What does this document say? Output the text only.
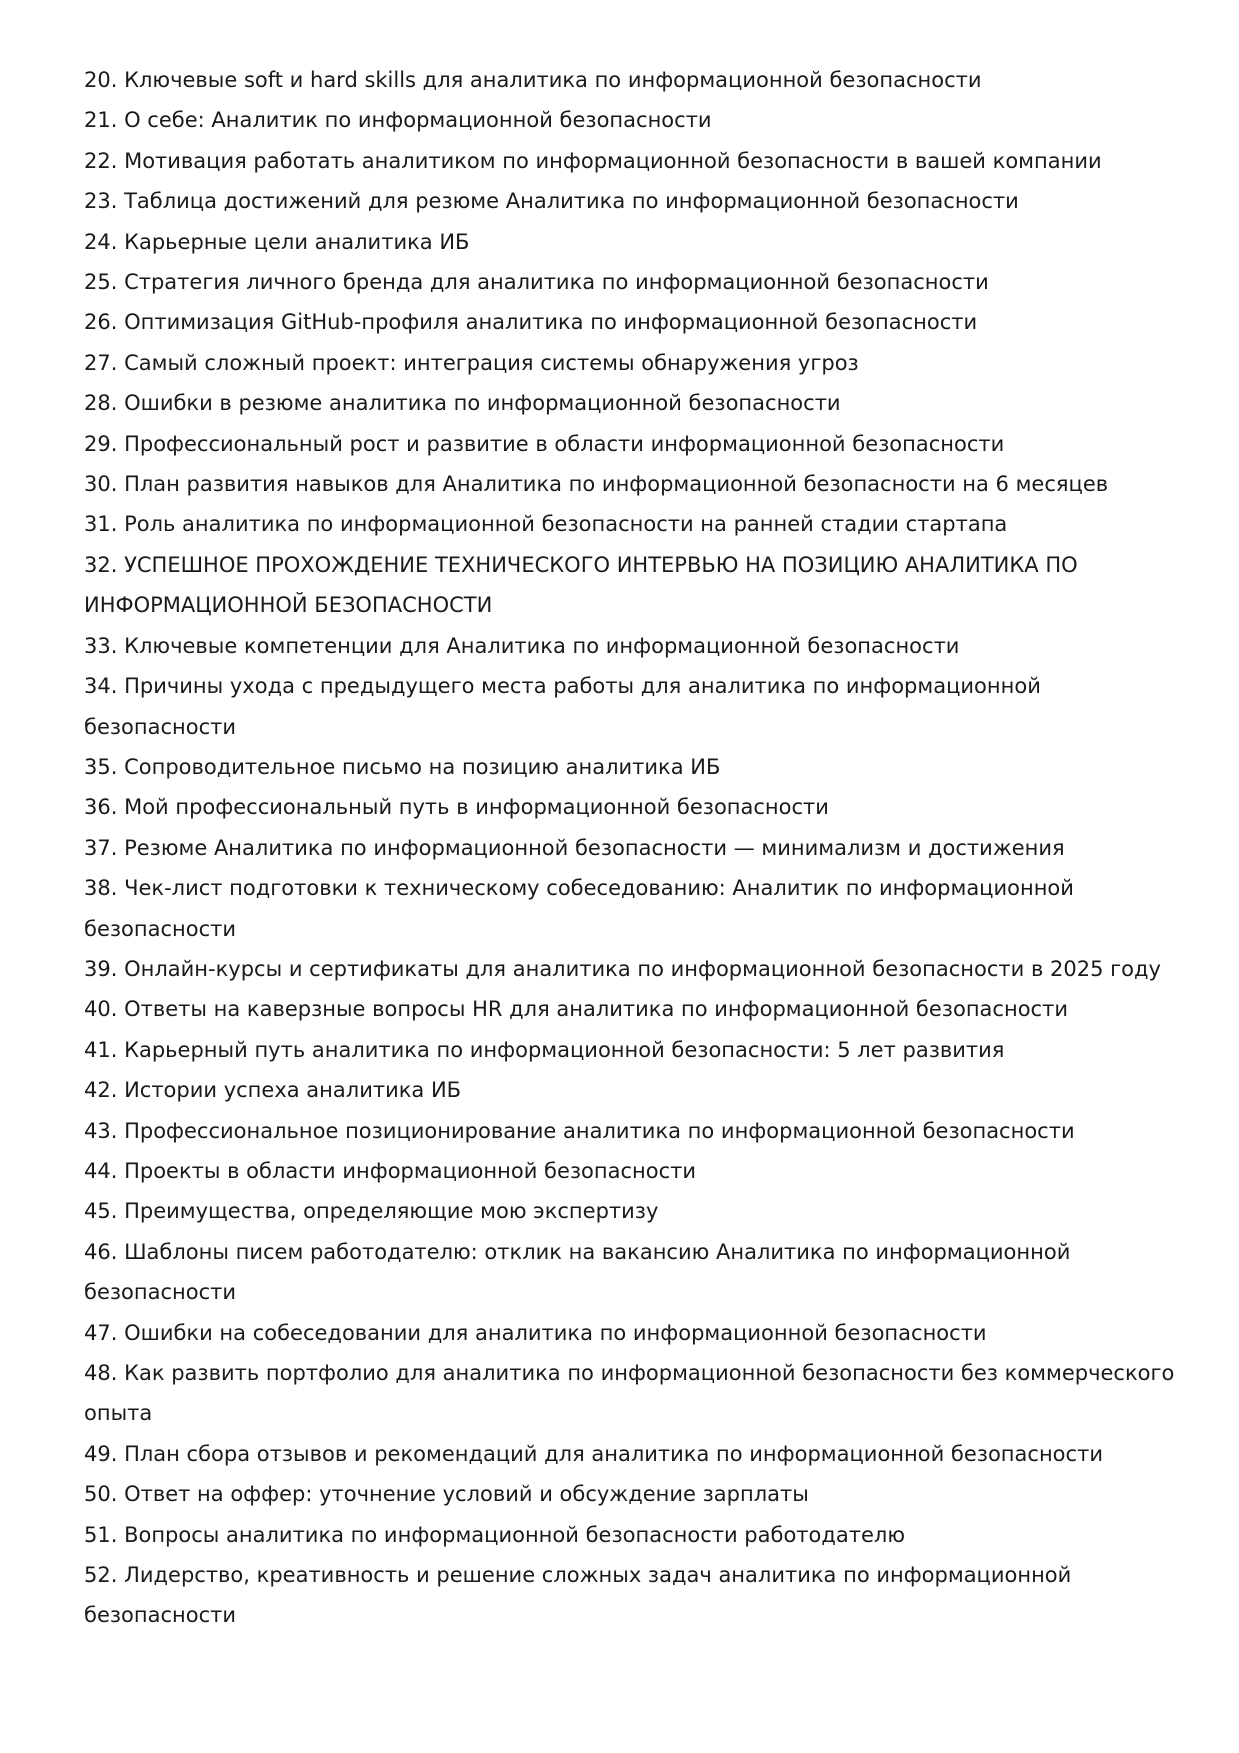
20. Ключевые soft и hard skills для аналитика по информационной безопасности
21. О себе: Аналитик по информационной безопасности
22. Мотивация работать аналитиком по информационной безопасности в вашей компании
23. Таблица достижений для резюме Аналитика по информационной безопасности
24. Карьерные цели аналитика ИБ
25. Стратегия личного бренда для аналитика по информационной безопасности
26. Оптимизация GitHub-профиля аналитика по информационной безопасности
27. Самый сложный проект: интеграция системы обнаружения угроз
28. Ошибки в резюме аналитика по информационной безопасности
29. Профессиональный рост и развитие в области информационной безопасности
30. План развития навыков для Аналитика по информационной безопасности на 6 месяцев
31. Роль аналитика по информационной безопасности на ранней стадии стартапа
32. УСПЕШНОЕ ПРОХОЖДЕНИЕ ТЕХНИЧЕСКОГО ИНТЕРВЬЮ НА ПОЗИЦИЮ АНАЛИТИКА ПО ИНФОРМАЦИОННОЙ БЕЗОПАСНОСТИ
33. Ключевые компетенции для Аналитика по информационной безопасности
34. Причины ухода с предыдущего места работы для аналитика по информационной безопасности
35. Сопроводительное письмо на позицию аналитика ИБ
36. Мой профессиональный путь в информационной безопасности
37. Резюме Аналитика по информационной безопасности — минимализм и достижения
38. Чек-лист подготовки к техническому собеседованию: Аналитик по информационной безопасности
39. Онлайн-курсы и сертификаты для аналитика по информационной безопасности в 2025 году
40. Ответы на каверзные вопросы HR для аналитика по информационной безопасности
41. Карьерный путь аналитика по информационной безопасности: 5 лет развития
42. Истории успеха аналитика ИБ
43. Профессиональное позиционирование аналитика по информационной безопасности
44. Проекты в области информационной безопасности
45. Преимущества, определяющие мою экспертизу
46. Шаблоны писем работодателю: отклик на вакансию Аналитика по информационной безопасности
47. Ошибки на собеседовании для аналитика по информационной безопасности
48. Как развить портфолио для аналитика по информационной безопасности без коммерческого опыта
49. План сбора отзывов и рекомендаций для аналитика по информационной безопасности
50. Ответ на оффер: уточнение условий и обсуждение зарплаты
51. Вопросы аналитика по информационной безопасности работодателю
52. Лидерство, креативность и решение сложных задач аналитика по информационной безопасности
